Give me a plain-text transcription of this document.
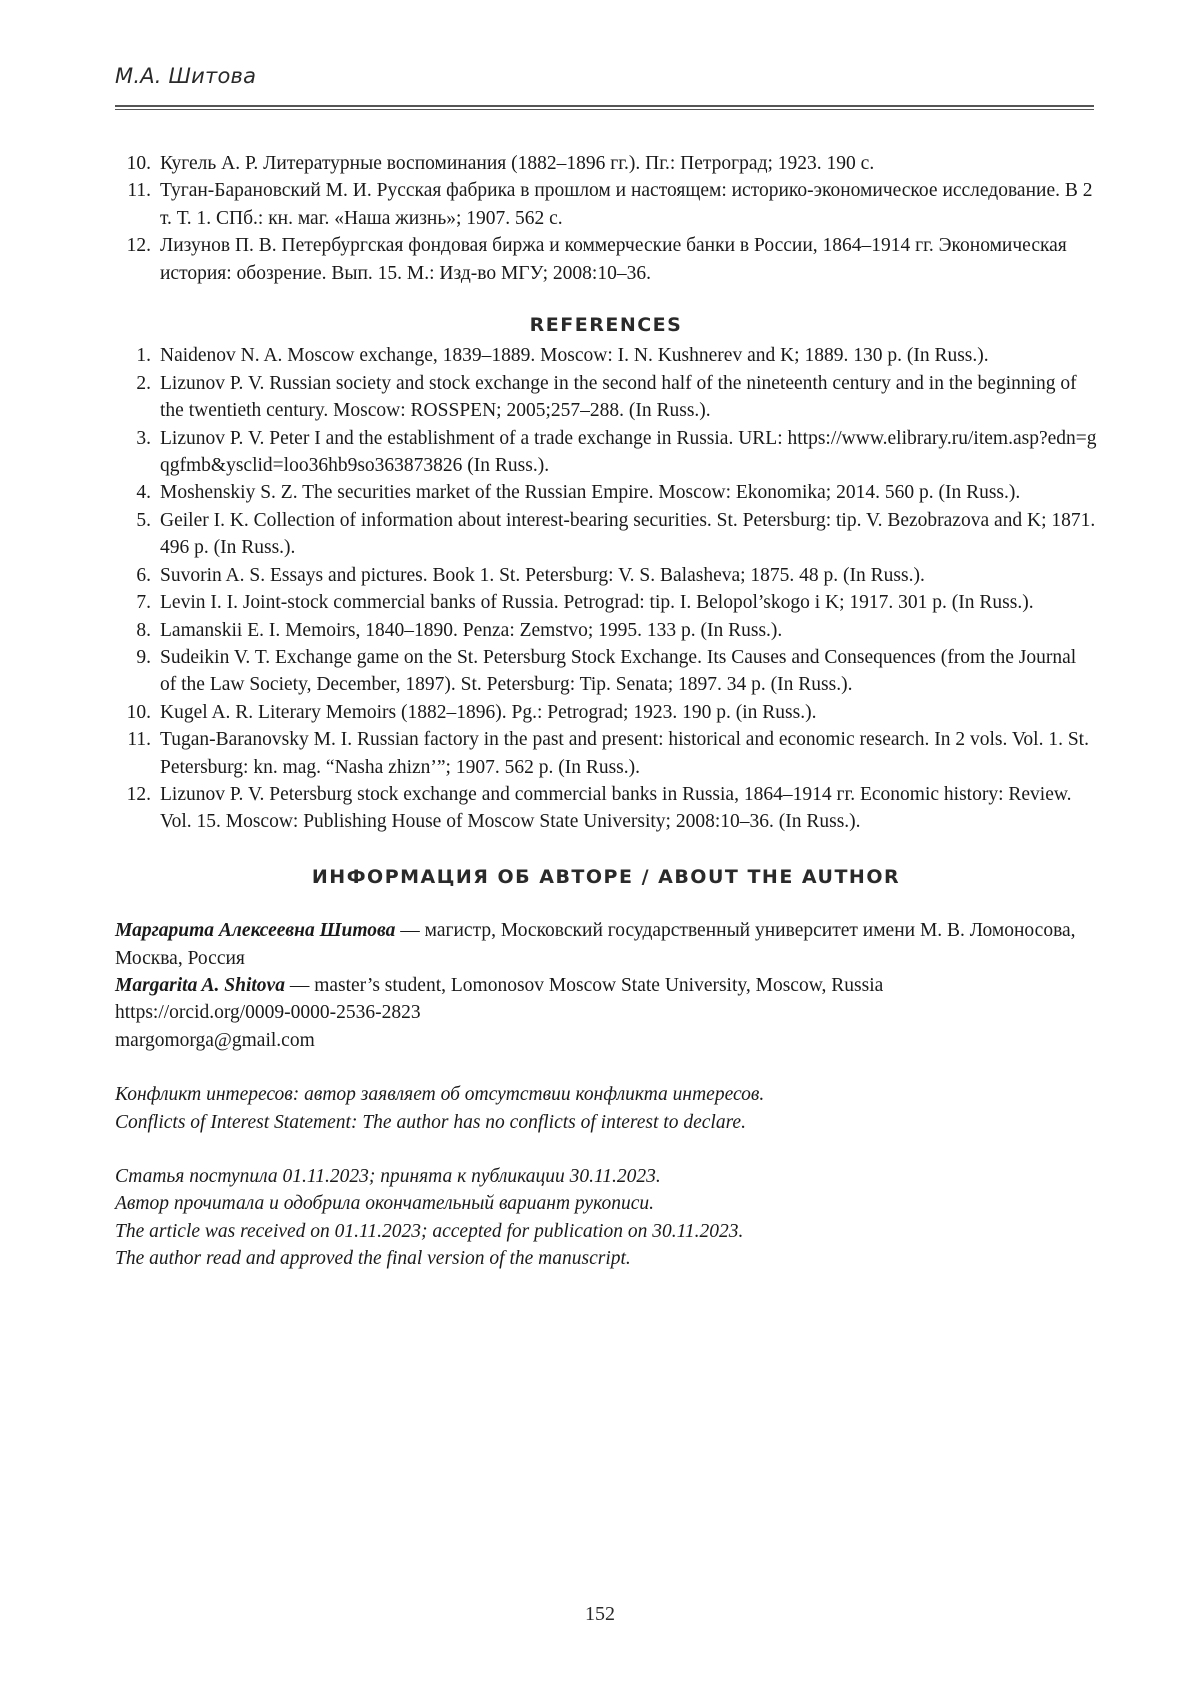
М.А. Шитова
10. Кугель А. Р. Литературные воспоминания (1882–1896 гг.). Пг.: Петроград; 1923. 190 с.
11. Туган-Барановский М. И. Русская фабрика в прошлом и настоящем: историко-экономическое исследование. В 2 т. Т. 1. СПб.: кн. маг. «Наша жизнь»; 1907. 562 с.
12. Лизунов П. В. Петербургская фондовая биржа и коммерческие банки в России, 1864–1914 гг. Экономическая история: обозрение. Вып. 15. М.: Изд-во МГУ; 2008:10–36.
REFERENCES
1. Naidenov N. A. Moscow exchange, 1839–1889. Moscow: I. N. Kushnerev and K; 1889. 130 p. (In Russ.).
2. Lizunov P. V. Russian society and stock exchange in the second half of the nineteenth century and in the beginning of the twentieth century. Moscow: ROSSPEN; 2005;257–288. (In Russ.).
3. Lizunov P. V. Peter I and the establishment of a trade exchange in Russia. URL: https://www.elibrary.ru/item.asp?edn=gqgfmb&ysclid=loo36hb9so363873826 (In Russ.).
4. Moshenskiy S. Z. The securities market of the Russian Empire. Moscow: Ekonomika; 2014. 560 p. (In Russ.).
5. Geiler I. K. Collection of information about interest-bearing securities. St. Petersburg: tip. V. Bezobrazova and K; 1871. 496 p. (In Russ.).
6. Suvorin A. S. Essays and pictures. Book 1. St. Petersburg: V. S. Balasheva; 1875. 48 p. (In Russ.).
7. Levin I. I. Joint-stock commercial banks of Russia. Petrograd: tip. I. Belopol’skogo i K; 1917. 301 p. (In Russ.).
8. Lamanskii E. I. Memoirs, 1840–1890. Penza: Zemstvo; 1995. 133 p. (In Russ.).
9. Sudeikin V. T. Exchange game on the St. Petersburg Stock Exchange. Its Causes and Consequences (from the Journal of the Law Society, December, 1897). St. Petersburg: Tip. Senata; 1897. 34 p. (In Russ.).
10. Kugel A. R. Literary Memoirs (1882–1896). Pg.: Petrograd; 1923. 190 p. (in Russ.).
11. Tugan-Baranovsky M. I. Russian factory in the past and present: historical and economic research. In 2 vols. Vol. 1. St. Petersburg: kn. mag. “Nasha zhizn’”; 1907. 562 p. (In Russ.).
12. Lizunov P. V. Petersburg stock exchange and commercial banks in Russia, 1864–1914 гг. Economic history: Review. Vol. 15. Moscow: Publishing House of Moscow State University; 2008:10–36. (In Russ.).
ИНФОРМАЦИЯ ОБ АВТОРЕ / ABOUT THE AUTHOR

Маргарита Алексеевна Шитова — магистр, Московский государственный университет имени М. В. Ломоносова, Москва, Россия

Margarita A. Shitova — master’s student, Lomonosov Moscow State University, Moscow, Russia

https://orcid.org/0009-0000-2536-2823

margomorga@gmail.com

Конфликт интересов: автор заявляет об отсутствии конфликта интересов.

Conflicts of Interest Statement: The author has no conflicts of interest to declare.

Статья поступила 01.11.2023; принята к публикации 30.11.2023.

Автор прочитала и одобрила окончательный вариант рукописи.

The article was received on 01.11.2023; accepted for publication on 30.11.2023.

The author read and approved the final version of the manuscript.

152
